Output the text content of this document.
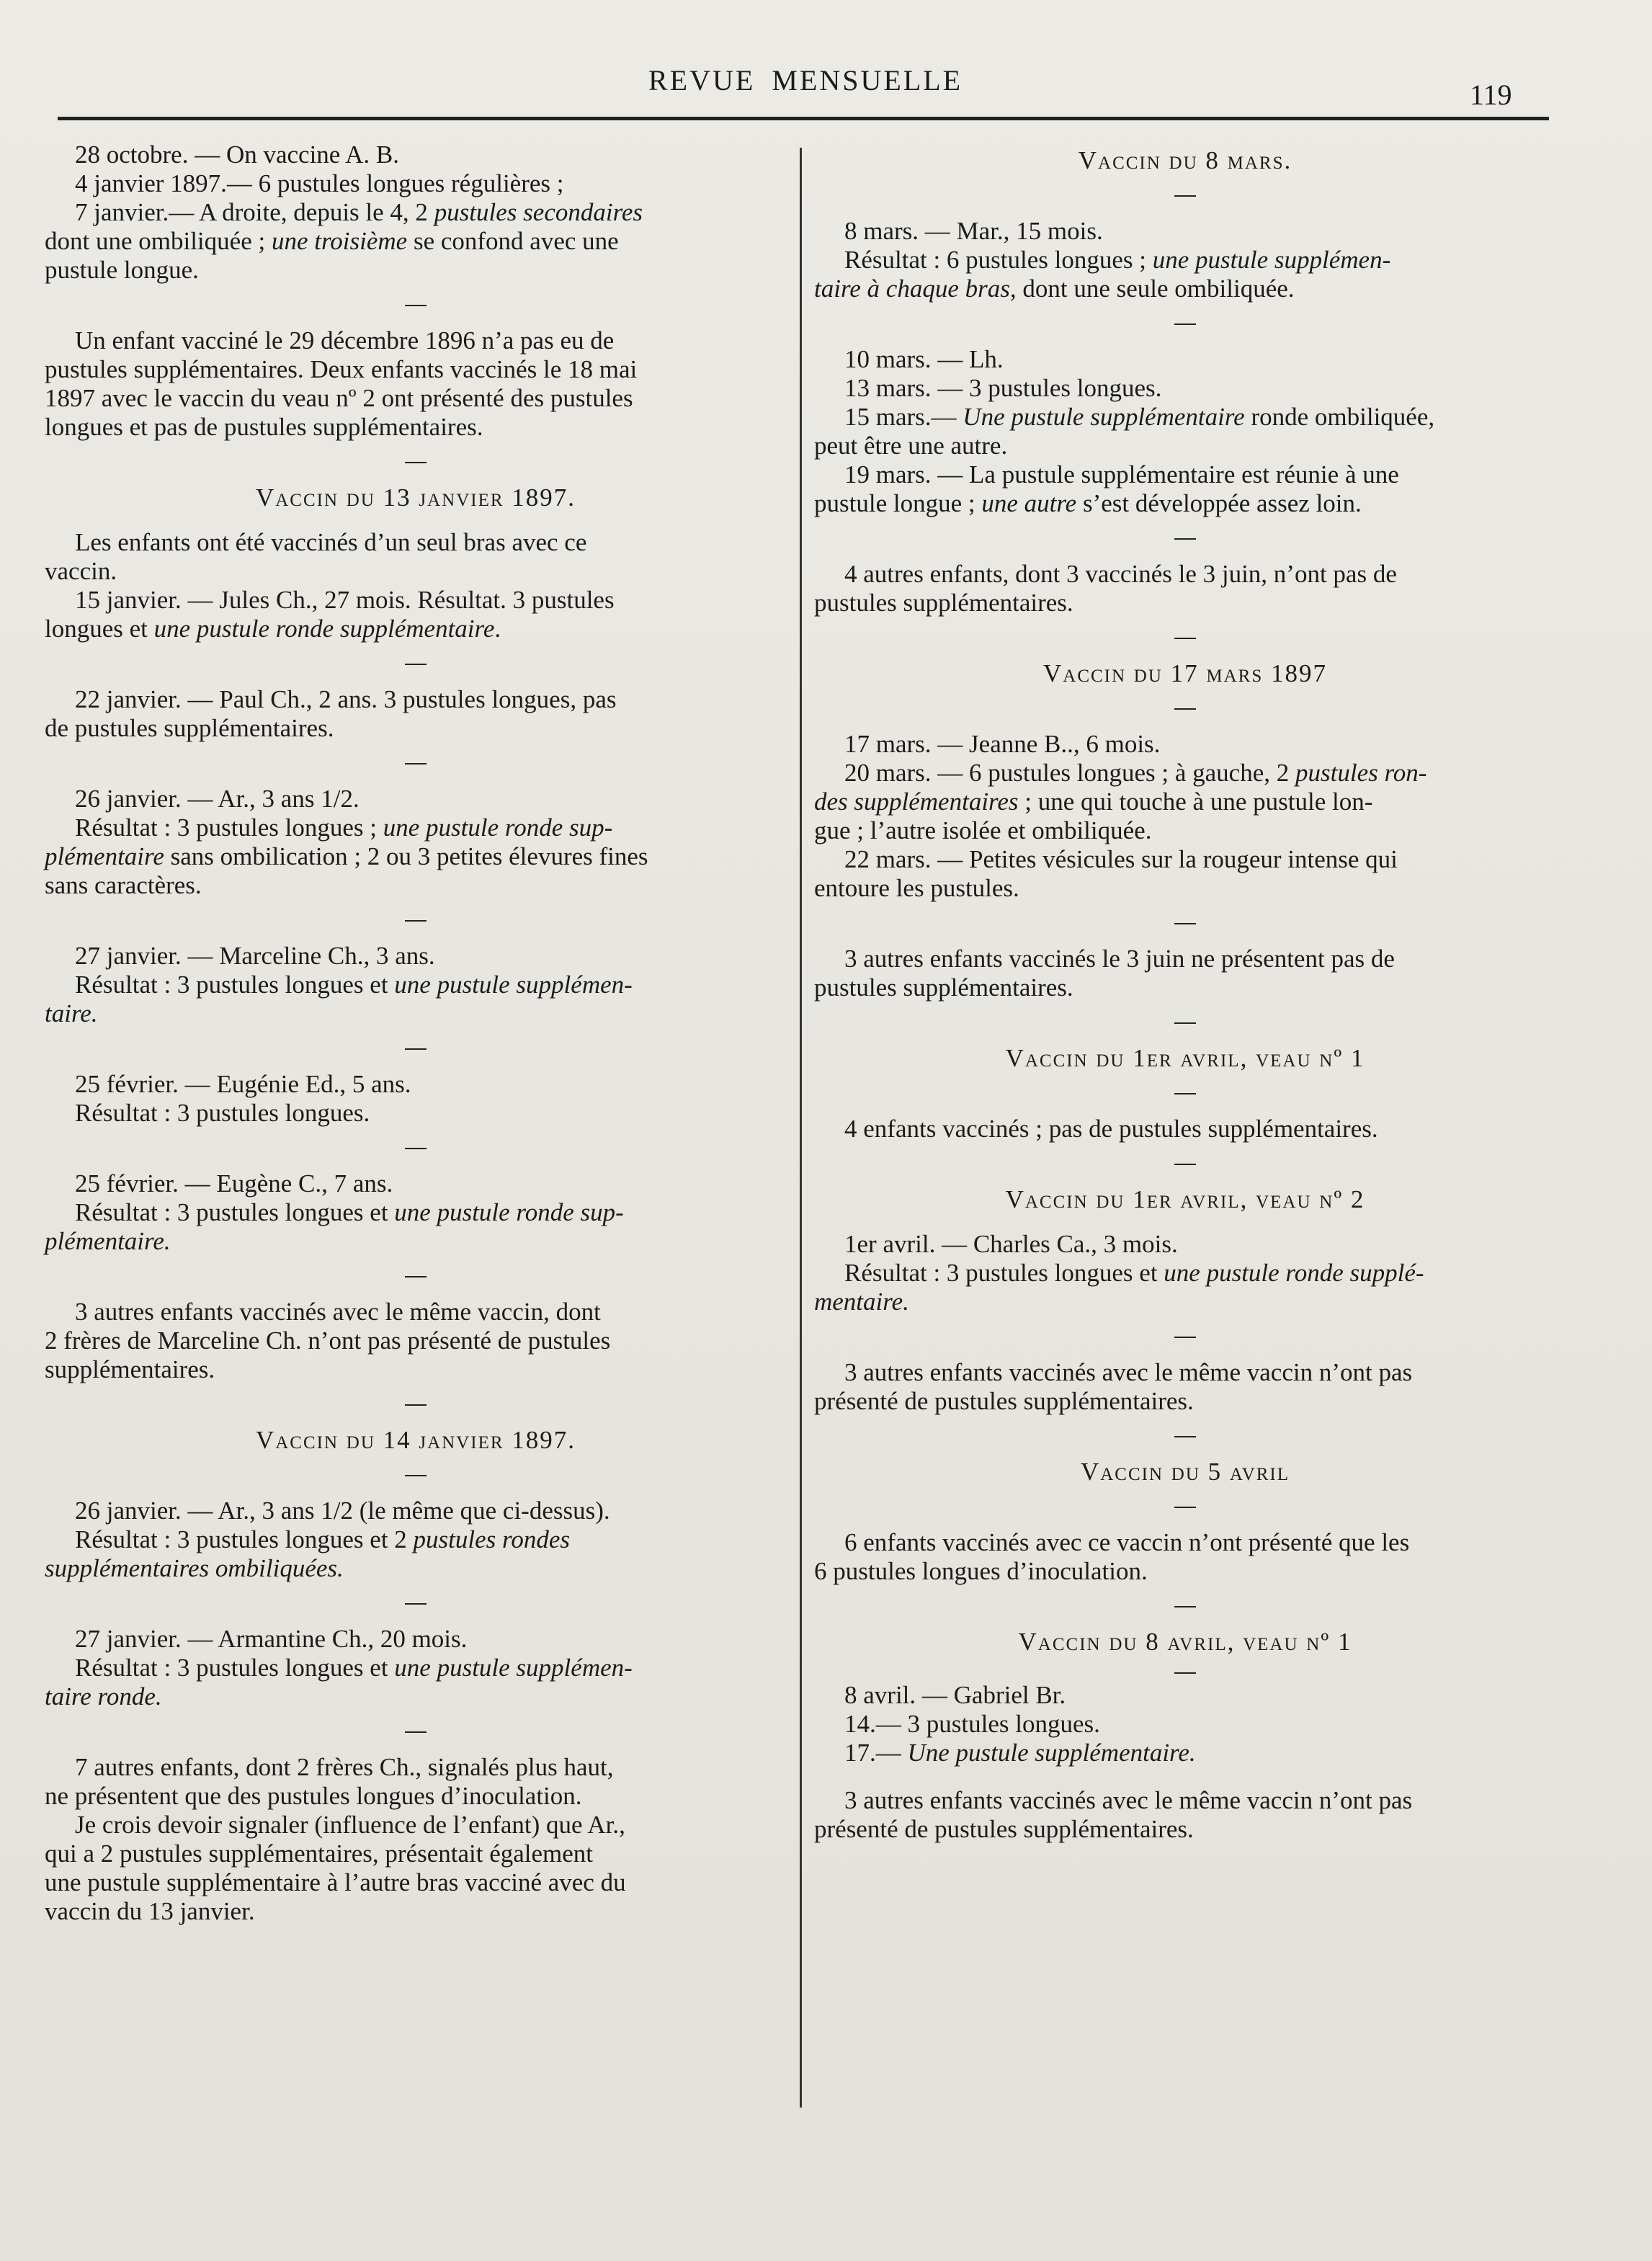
REVUE MENSUELLE	119
28 octobre. — On vaccine A. B.
4 janvier 1897.— 6 pustules longues régulières ;
7 janvier.— A droite, depuis le 4, 2 pustules secondaires
dont une ombiliquée ; une troisième se confond avec une
pustule longue.
Un enfant vacciné le 29 décembre 1896 n’a pas eu de
pustules supplémentaires. Deux enfants vaccinés le 18 mai
1897 avec le vaccin du veau nº 2 ont présenté des pustules
longues et pas de pustules supplémentaires.
Vaccin du 13 janvier 1897.
Les enfants ont été vaccinés d’un seul bras avec ce
vaccin.
15 janvier. — Jules Ch., 27 mois. Résultat. 3 pustules
longues et une pustule ronde supplémentaire.
22 janvier. — Paul Ch., 2 ans. 3 pustules longues, pas
de pustules supplémentaires.
26 janvier. — Ar., 3 ans 1/2.
Résultat : 3 pustules longues ; une pustule ronde sup-
plémentaire sans ombilication ; 2 ou 3 petites élevures fines
sans caractères.
27 janvier. — Marceline Ch., 3 ans.
Résultat : 3 pustules longues et une pustule supplémen-
taire.
25 février. — Eugénie Ed., 5 ans.
Résultat : 3 pustules longues.
25 février. — Eugène C., 7 ans.
Résultat : 3 pustules longues et une pustule ronde sup-
plémentaire.
3 autres enfants vaccinés avec le même vaccin, dont
2 frères de Marceline Ch. n’ont pas présenté de pustules
supplémentaires.
Vaccin du 14 janvier 1897.
26 janvier. — Ar., 3 ans 1/2 (le même que ci-dessus).
Résultat : 3 pustules longues et 2 pustules rondes
supplémentaires ombiliquées.
27 janvier. — Armantine Ch., 20 mois.
Résultat : 3 pustules longues et une pustule supplémen-
taire ronde.
7 autres enfants, dont 2 frères Ch., signalés plus haut,
ne présentent que des pustules longues d’inoculation.
Je crois devoir signaler (influence de l’enfant) que Ar.,
qui a 2 pustules supplémentaires, présentait également
une pustule supplémentaire à l’autre bras vacciné avec du
vaccin du 13 janvier.
Vaccin du 8 mars.
8 mars. — Mar., 15 mois.
Résultat : 6 pustules longues ; une pustule supplémen-
taire à chaque bras, dont une seule ombiliquée.
10 mars. — Lh.
13 mars. — 3 pustules longues.
15 mars.— Une pustule supplémentaire ronde ombiliquée,
peut être une autre.
19 mars. — La pustule supplémentaire est réunie à une
pustule longue ; une autre s’est développée assez loin.
4 autres enfants, dont 3 vaccinés le 3 juin, n’ont pas de
pustules supplémentaires.
Vaccin du 17 mars 1897
17 mars. — Jeanne B.., 6 mois.
20 mars. — 6 pustules longues ; à gauche, 2 pustules ron-
des supplémentaires ; une qui touche à une pustule lon-
gue ; l’autre isolée et ombiliquée.
22 mars. — Petites vésicules sur la rougeur intense qui
entoure les pustules.
3 autres enfants vaccinés le 3 juin ne présentent pas de
pustules supplémentaires.
Vaccin du 1er avril, veau nº 1
4 enfants vaccinés ; pas de pustules supplémentaires.
Vaccin du 1er avril, veau nº 2
1er avril. — Charles Ca., 3 mois.
Résultat : 3 pustules longues et une pustule ronde supplé-
mentaire.
3 autres enfants vaccinés avec le même vaccin n’ont pas
présenté de pustules supplémentaires.
Vaccin du 5 avril
6 enfants vaccinés avec ce vaccin n’ont présenté que les
6 pustules longues d’inoculation.
Vaccin du 8 avril, veau nº 1
8 avril. — Gabriel Br.
14.— 3 pustules longues.
17.— Une pustule supplémentaire.
3 autres enfants vaccinés avec le même vaccin n’ont pas
présenté de pustules supplémentaires.
